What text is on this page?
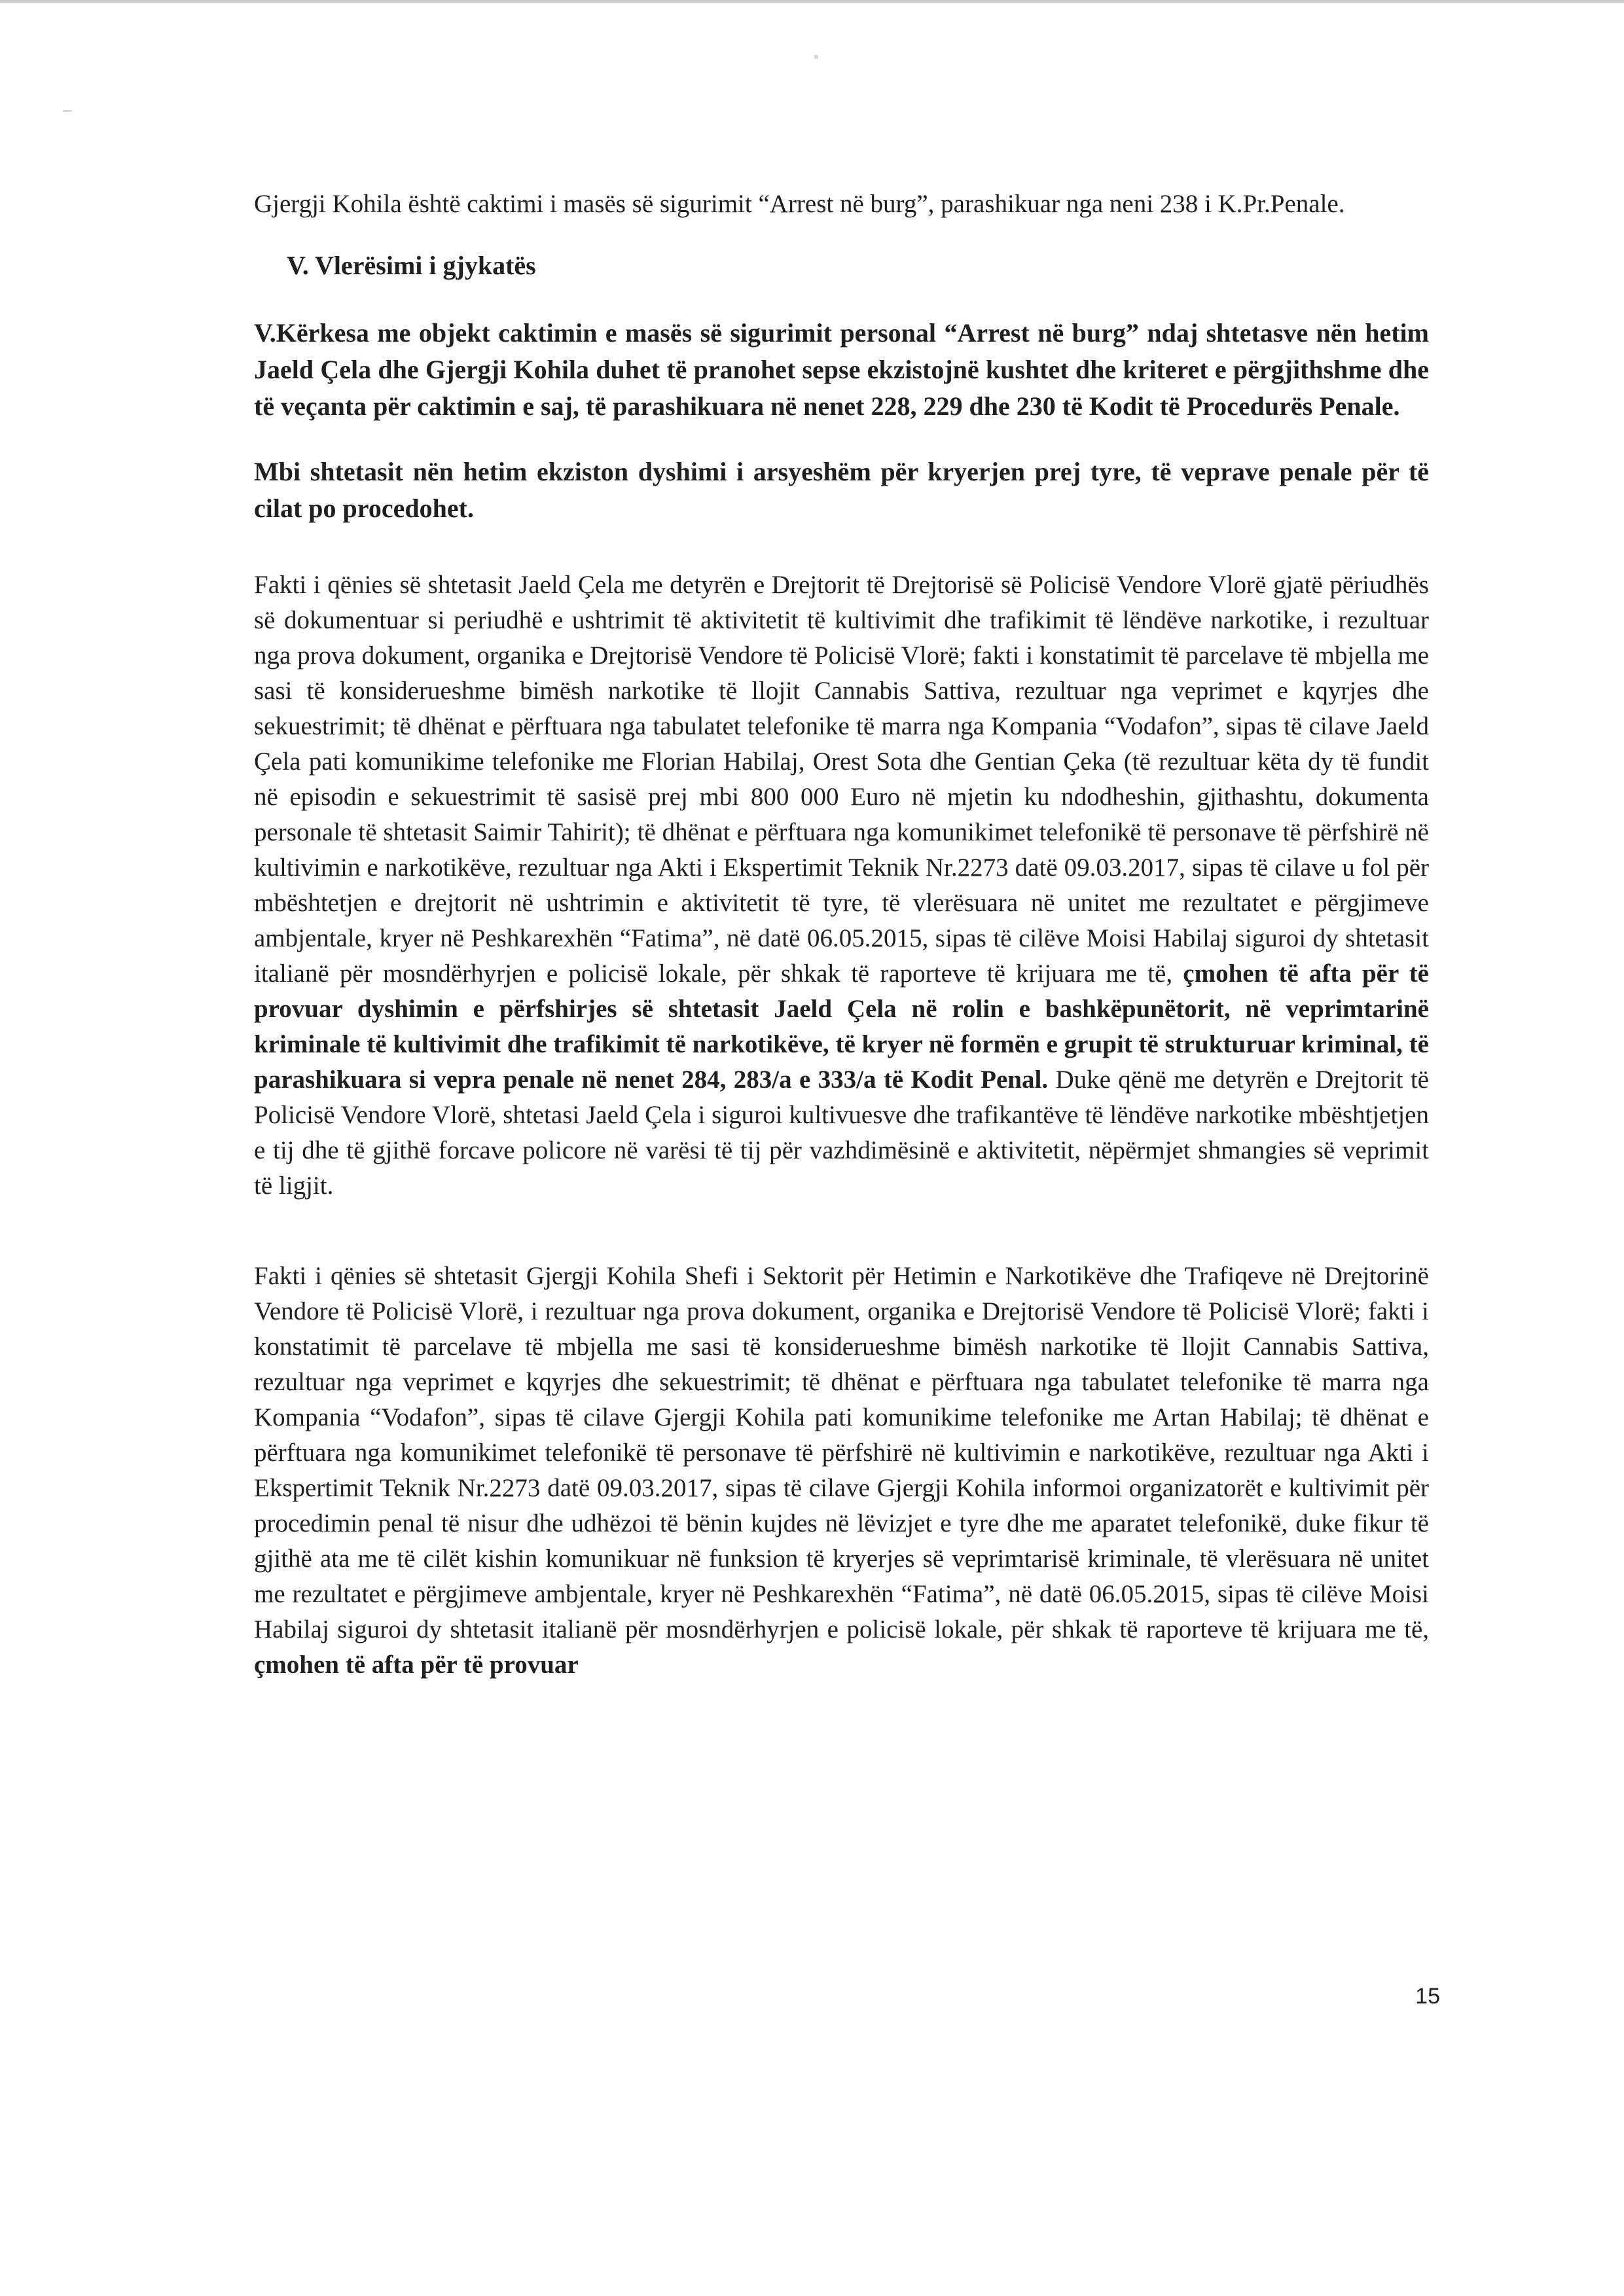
Gjergji Kohila është caktimi i masës së sigurimit “Arrest në burg”, parashikuar nga neni 238 i K.Pr.Penale.

V. Vlerësimi i gjykatës

V.Kërkesa me objekt caktimin e masës së sigurimit personal “Arrest në burg” ndaj shtetasve nën hetim Jaeld Çela dhe Gjergji Kohila duhet të pranohet sepse ekzistojnë kushtet dhe kriteret e përgjithshme dhe të veçanta për caktimin e saj, të parashikuara në nenet 228, 229 dhe 230 të Kodit të Procedurës Penale.

Mbi shtetasit nën hetim ekziston dyshimi i arsyeshëm për kryerjen prej tyre, të veprave penale për të cilat po procedohet.

Fakti i qënies së shtetasit Jaeld Çela me detyrën e Drejtorit të Drejtorisë së Policisë Vendore Vlorë gjatë përiudhës së dokumentuar si periudhë e ushtrimit të aktivitetit të kultivimit dhe trafikimit të lëndëve narkotike, i rezultuar nga prova dokument, organika e Drejtorisë Vendore të Policisë Vlorë; fakti i konstatimit të parcelave të mbjella me sasi të konsiderueshme bimësh narkotike të llojit Cannabis Sattiva, rezultuar nga veprimet e kqyrjes dhe sekuestrimit; të dhënat e përftuara nga tabulatet telefonike të marra nga Kompania “Vodafon”, sipas të cilave Jaeld Çela pati komunikime telefonike me Florian Habilaj, Orest Sota dhe Gentian Çeka (të rezultuar këta dy të fundit në episodin e sekuestrimit të sasisë prej mbi 800 000 Euro në mjetin ku ndodheshin, gjithashtu, dokumenta personale të shtetasit Saimir Tahirit); të dhënat e përftuara nga komunikimet telefonikë të personave të përfshirë në kultivimin e narkotikëve, rezultuar nga Akti i Ekspertimit Teknik Nr.2273 datë 09.03.2017, sipas të cilave u fol për mbështetjen e drejtorit në ushtrimin e aktivitetit të tyre, të vlerësuara në unitet me rezultatet e përgjimeve ambjentale, kryer në Peshkarexhën “Fatima”, në datë 06.05.2015, sipas të cilëve Moisi Habilaj siguroi dy shtetasit italianë për mosndërhyrjen e policisë lokale, për shkak të raporteve të krijuara me të, çmohen të afta për të provuar dyshimin e përfshirjes së shtetasit Jaeld Çela në rolin e bashkëpunëtorit, në veprimtarinë kriminale të kultivimit dhe trafikimit të narkotikëve, të kryer në formën e grupit të strukturuar kriminal, të parashikuara si vepra penale në nenet 284, 283/a e 333/a të Kodit Penal. Duke qënë me detyrën e Drejtorit të Policisë Vendore Vlorë, shtetasi Jaeld Çela i siguroi kultivuesve dhe trafikantëve të lëndëve narkotike mbështjetjen e tij dhe të gjithë forcave policore në varësi të tij për vazhdimësinë e aktivitetit, nëpërmjet shmangies së veprimit të ligjit.

Fakti i qënies së shtetasit Gjergji Kohila Shefi i Sektorit për Hetimin e Narkotikëve dhe Trafiqeve në Drejtorinë Vendore të Policisë Vlorë, i rezultuar nga prova dokument, organika e Drejtorisë Vendore të Policisë Vlorë; fakti i konstatimit të parcelave të mbjella me sasi të konsiderueshme bimësh narkotike të llojit Cannabis Sattiva, rezultuar nga veprimet e kqyrjes dhe sekuestrimit; të dhënat e përftuara nga tabulatet telefonike të marra nga Kompania “Vodafon”, sipas të cilave Gjergji Kohila pati komunikime telefonike me Artan Habilaj; të dhënat e përftuara nga komunikimet telefonikë të personave të përfshirë në kultivimin e narkotikëve, rezultuar nga Akti i Ekspertimit Teknik Nr.2273 datë 09.03.2017, sipas të cilave Gjergji Kohila informoi organizatorët e kultivimit për procedimin penal të nisur dhe udhëzoi të bënin kujdes në lëvizjet e tyre dhe me aparatet telefonikë, duke fikur të gjithë ata me të cilët kishin komunikuar në funksion të kryerjes së veprimtarisë kriminale, të vlerësuara në unitet me rezultatet e përgjimeve ambjentale, kryer në Peshkarexhën “Fatima”, në datë 06.05.2015, sipas të cilëve Moisi Habilaj siguroi dy shtetasit italianë për mosndërhyrjen e policisë lokale, për shkak të raporteve të krijuara me të, çmohen të afta për të provuar

15
